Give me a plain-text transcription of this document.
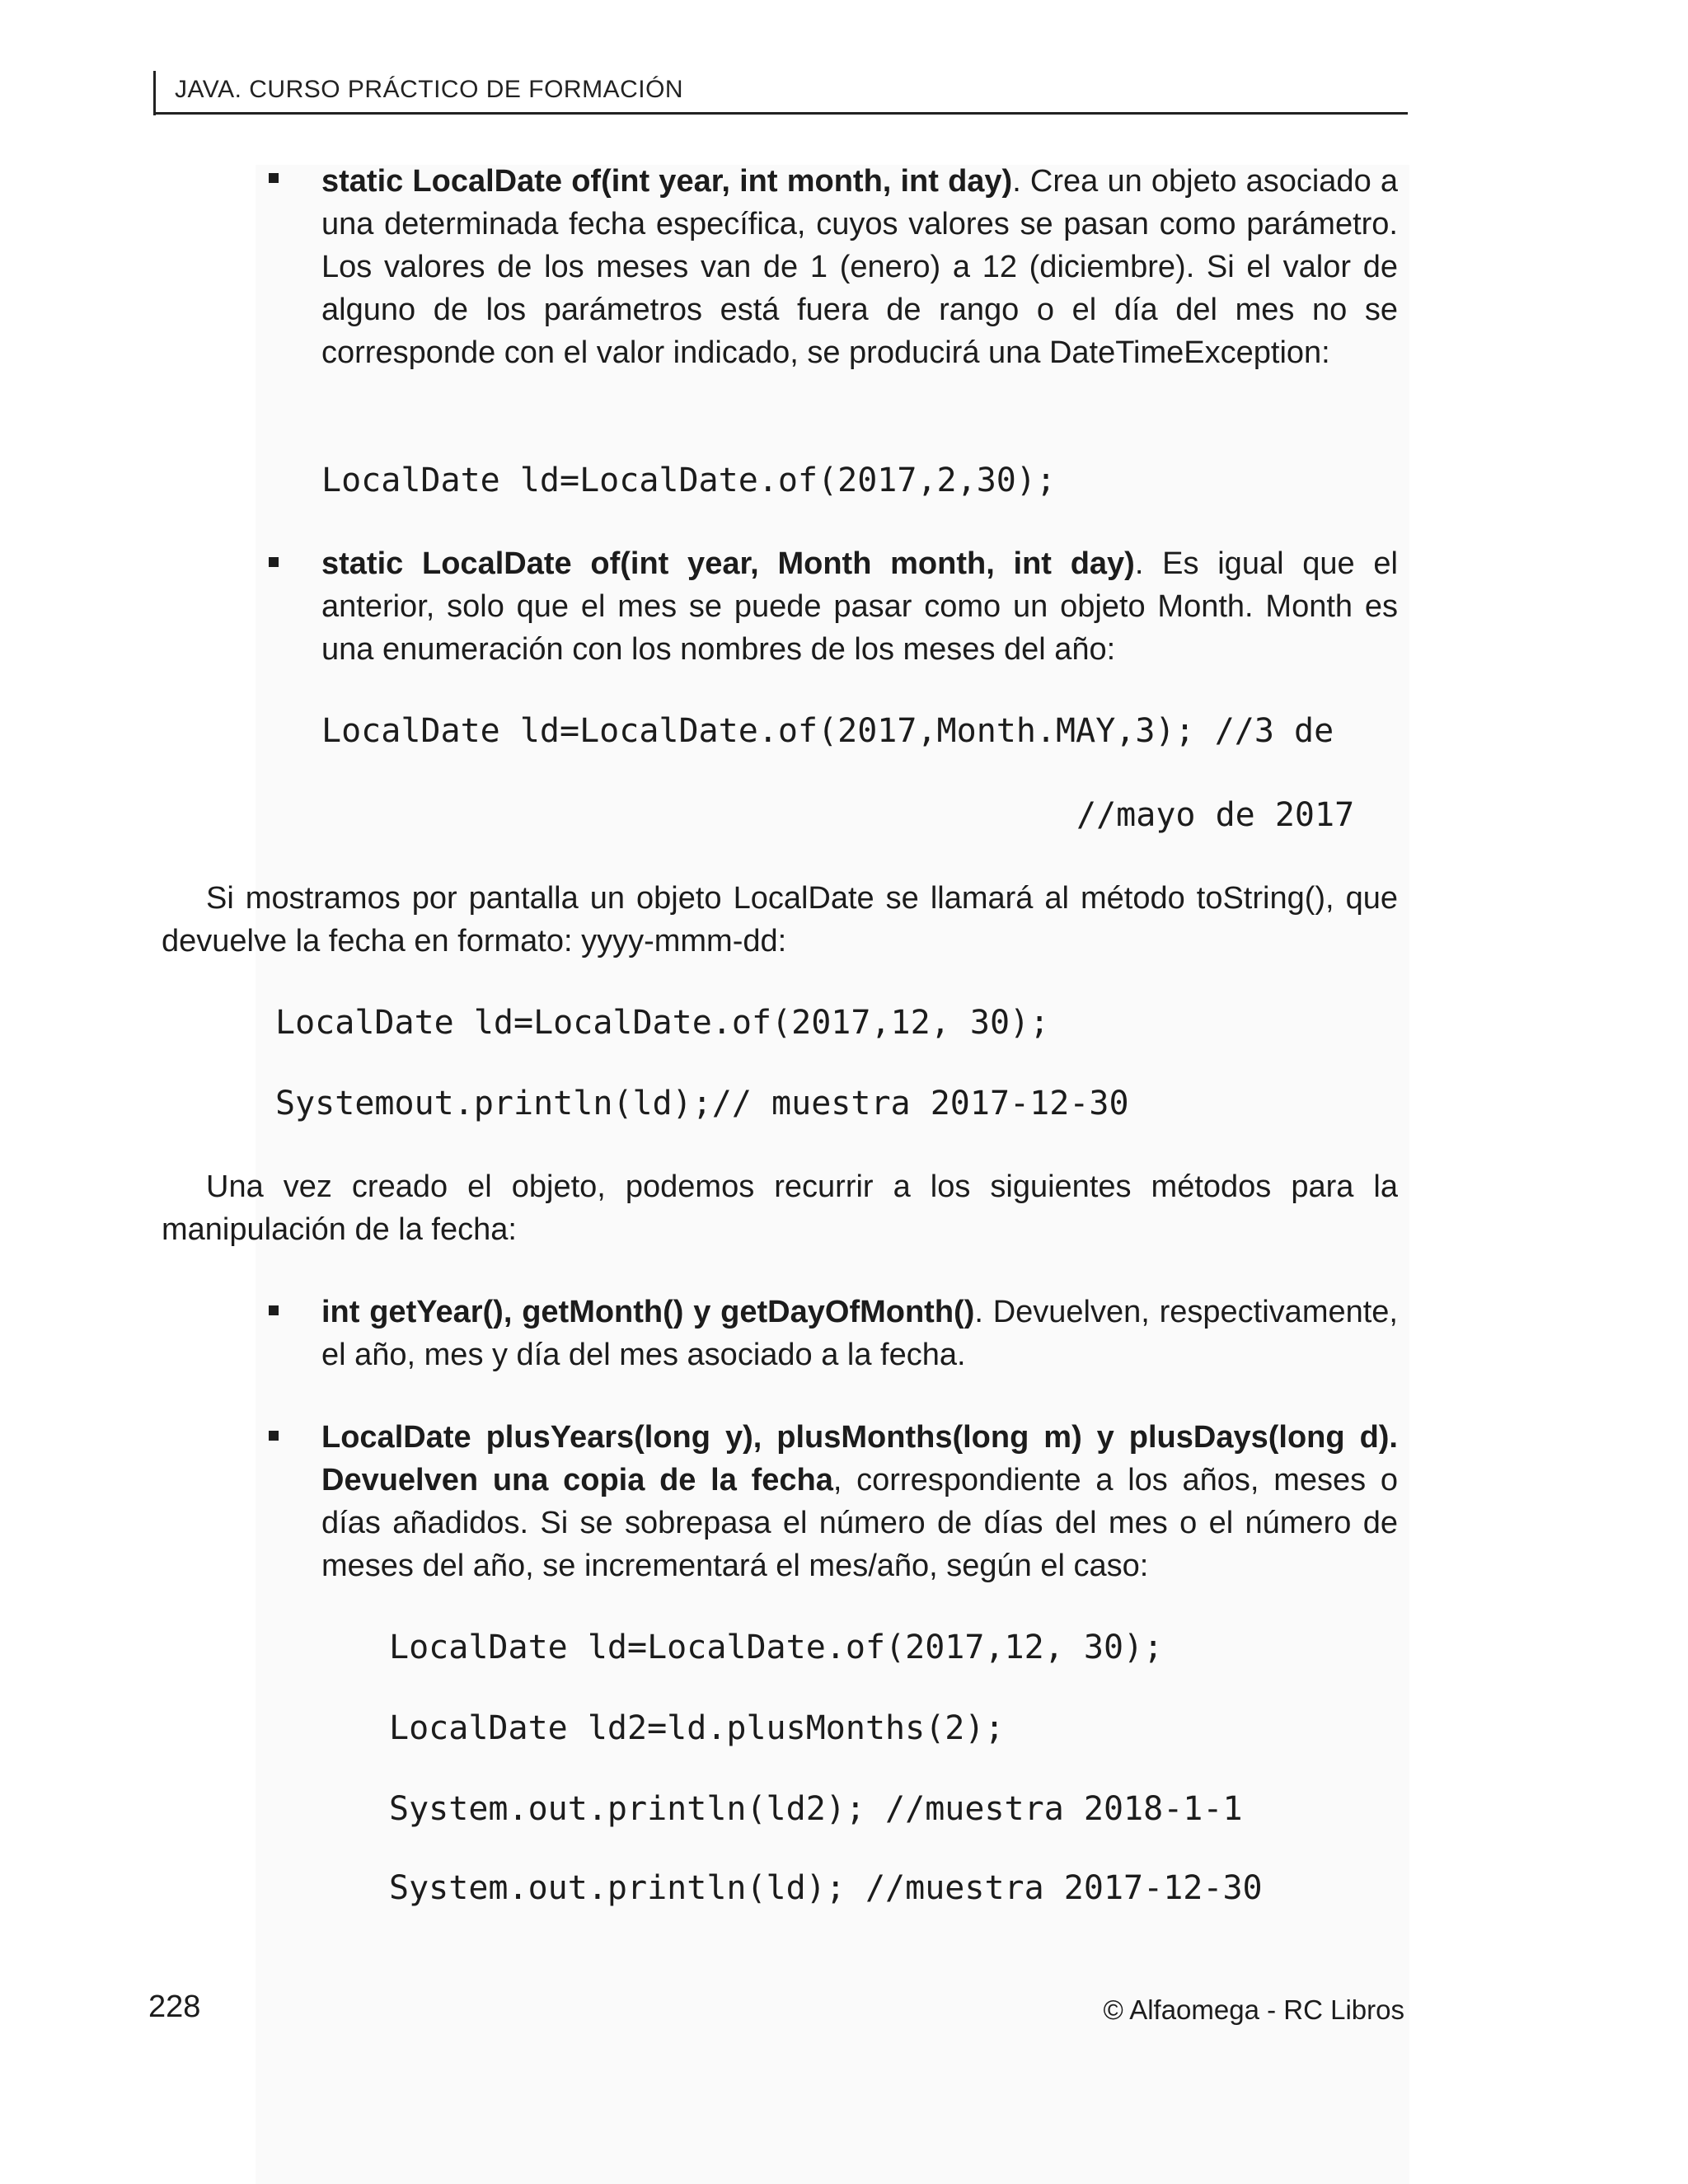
JAVA. CURSO PRÁCTICO DE FORMACIÓN
static LocalDate of(int year, int month, int day). Crea un objeto asociado a una determinada fecha específica, cuyos valores se pasan como parámetro. Los valores de los meses van de 1 (enero) a 12 (diciembre). Si el valor de alguno de los parámetros está fuera de rango o el día del mes no se corresponde con el valor indicado, se producirá una DateTimeException:
LocalDate ld=LocalDate.of(2017,2,30);
static LocalDate of(int year, Month month, int day). Es igual que el anterior, solo que el mes se puede pasar como un objeto Month. Month es una enumeración con los nombres de los meses del año:
LocalDate ld=LocalDate.of(2017,Month.MAY,3); //3 de
//mayo de 2017
Si mostramos por pantalla un objeto LocalDate se llamará al método toString(), que devuelve la fecha en formato: yyyy-mmm-dd:
LocalDate ld=LocalDate.of(2017,12, 30);
Systemout.println(ld);// muestra 2017-12-30
Una vez creado el objeto, podemos recurrir a los siguientes métodos para la manipulación de la fecha:
int getYear(), getMonth() y getDayOfMonth(). Devuelven, respectivamente, el año, mes y día del mes asociado a la fecha.
LocalDate plusYears(long y), plusMonths(long m) y plusDays(long d). Devuelven una copia de la fecha, correspondiente a los años, meses o días añadidos. Si se sobrepasa el número de días del mes o el número de meses del año, se incrementará el mes/año, según el caso:
LocalDate ld=LocalDate.of(2017,12, 30);
LocalDate ld2=ld.plusMonths(2);
System.out.println(ld2); //muestra 2018-1-1
System.out.println(ld); //muestra 2017-12-30
228	© Alfaomega - RC Libros
